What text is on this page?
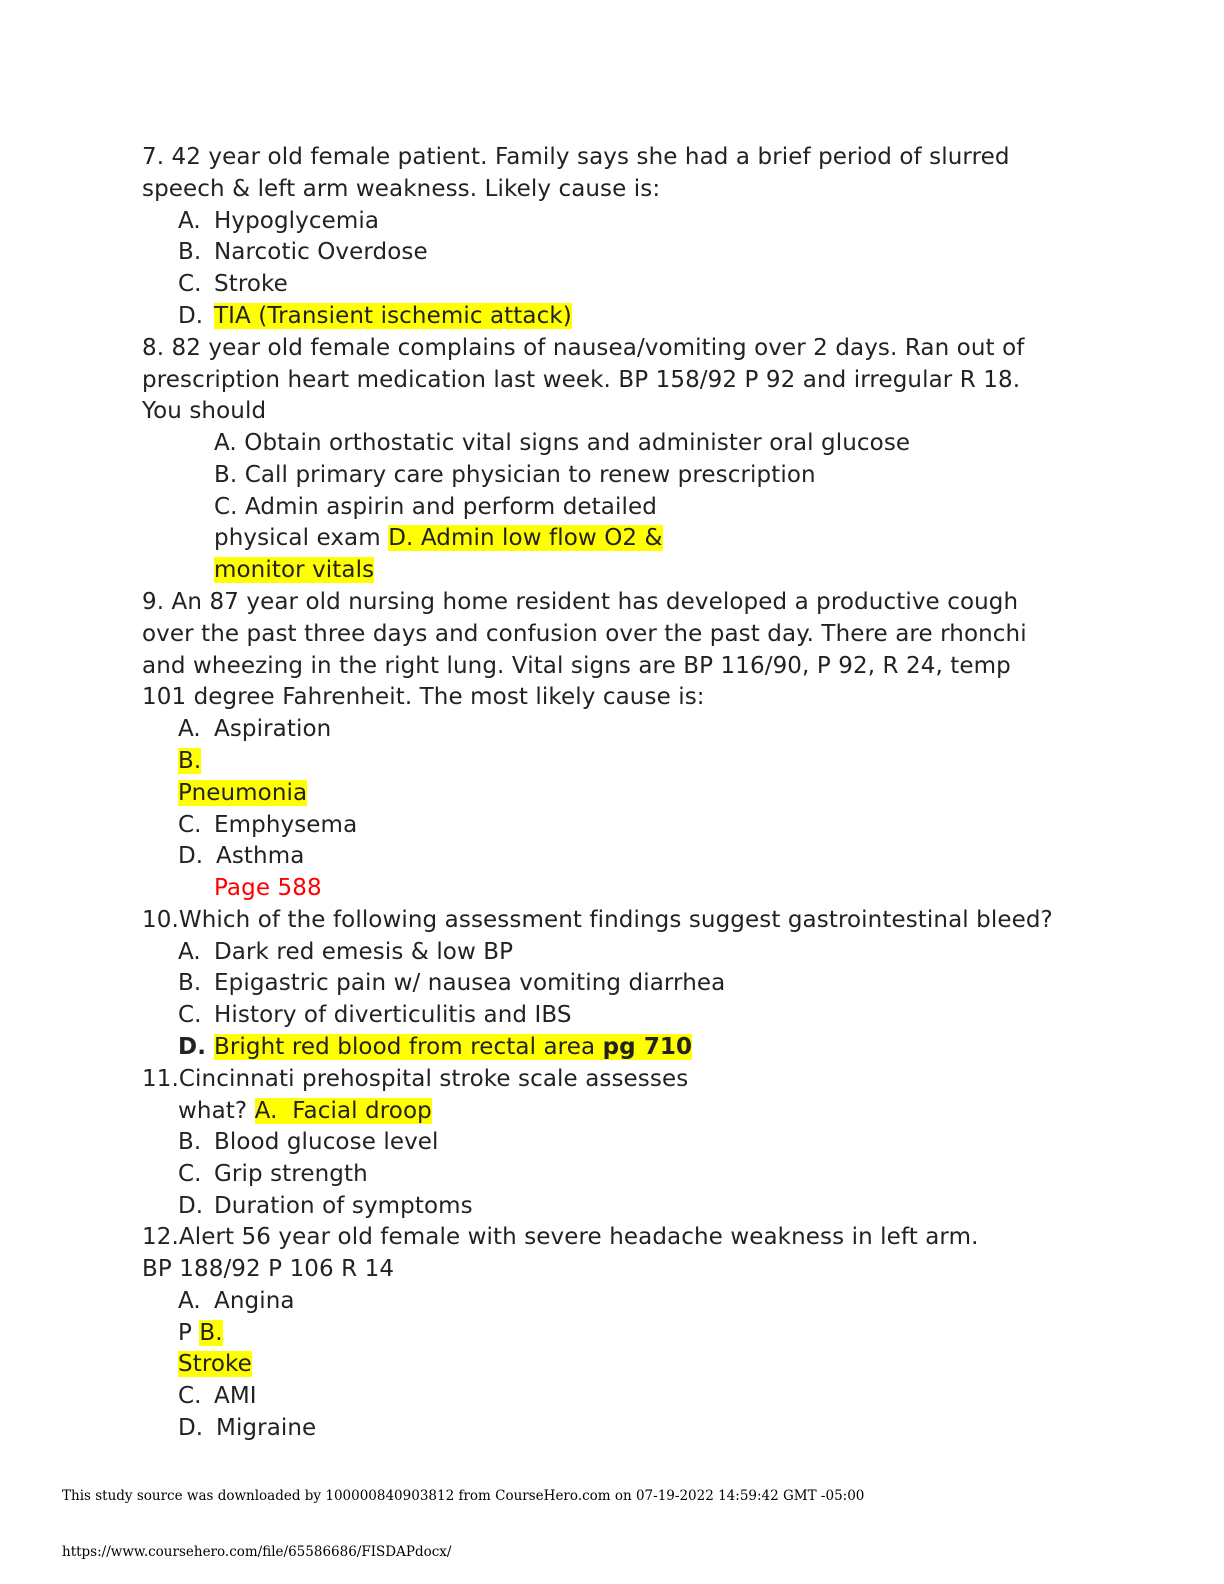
7. 42 year old female patient. Family says she had a brief period of slurred
speech & left arm weakness. Likely cause is:
A. Hypoglycemia
B. Narcotic Overdose
C. Stroke
D. TIA (Transient ischemic attack)
8. 82 year old female complains of nausea/vomiting over 2 days. Ran out of
prescription heart medication last week. BP 158/92 P 92 and irregular R 18.
You should
A. Obtain orthostatic vital signs and administer oral glucose
B. Call primary care physician to renew prescription
C. Admin aspirin and perform detailed
physical exam D. Admin low flow O2 &
monitor vitals
9. An 87 year old nursing home resident has developed a productive cough
over the past three days and confusion over the past day. There are rhonchi
and wheezing in the right lung. Vital signs are BP 116/90, P 92, R 24, temp
101 degree Fahrenheit. The most likely cause is:
A. Aspiration
B.
Pneumonia
C. Emphysema
D. Asthma
Page 588
10.Which of the following assessment findings suggest gastrointestinal bleed?
A. Dark red emesis & low BP
B. Epigastric pain w/ nausea vomiting diarrhea
C. History of diverticulitis and IBS
D. Bright red blood from rectal area pg 710
11.Cincinnati prehospital stroke scale assesses
what? A.  Facial droop
B. Blood glucose level
C. Grip strength
D. Duration of symptoms
12.Alert 56 year old female with severe headache weakness in left arm.
BP 188/92 P 106 R 14
A. Angina
P B.
Stroke
C. AMI
D. Migraine
This study source was downloaded by 100000840903812 from CourseHero.com on 07-19-2022 14:59:42 GMT -05:00
https://www.coursehero.com/file/65586686/FISDAPdocx/
